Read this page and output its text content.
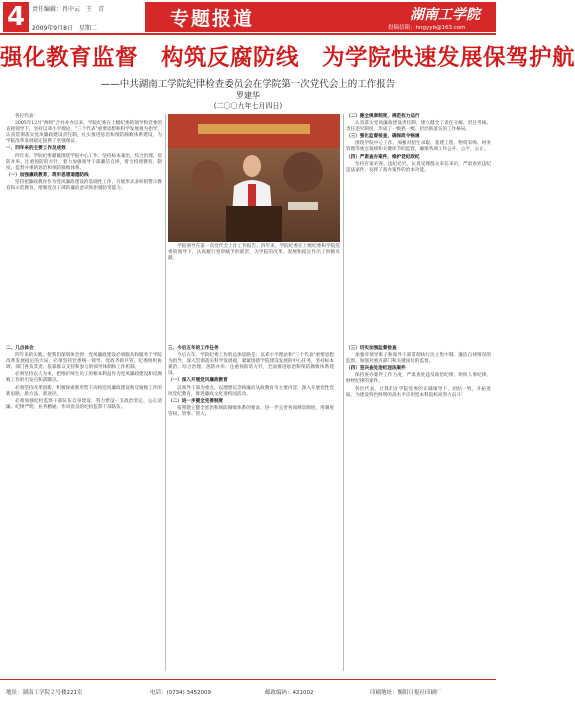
4	责任编辑：肖中云　王　青
2009年9月8日　星期二	专题报道	湖南工学院
投稿信箱：hngyyb@163.com
强化教育监督　构筑反腐防线　为学院快速发展保驾护航
——中共湖南工学院纪律检查委员会在学院第一次党代会上的工作报告
罗建华
(二〇〇九年七月四日)

各位代表：

2005年12月"两校"合并并办以来，学院纪委在上级纪委的领导和党委的直接领导下，坚持以邓小平理论、"三个代表"重要思想和科学发展观为指导，认真贯彻落实党风廉政建设责任制，扎实推进惩治和预防腐败体系建设，为学院改革发展稳定提供了坚强保证。

一、四年来的主要工作及成效

四年来，学院纪委紧紧围绕学院中心工作，坚持标本兼治、综合治理、惩防并举、注重预防的方针，着力加强领导干部廉洁自律，着力构建教育、制度、监督并重的惩治和预防腐败体系。

（一）加强廉政教育，筑牢思想道德防线

坚持把廉政教育作为党风廉政建设的基础性工作，开展形式多样的警示教育和示范教育，增强党员干部的廉洁意识和拒腐防变能力。

学院领导在第一次党代会上作工作报告。四年来，学院纪委在上级纪委和学院党委的领导下，认真履行党章赋予的职责，为学院的改革、发展和稳定作出了积极贡献。

（二）健全规章制度，规范权力运行

认真落实党风廉政建设责任制，建立健全了责任分解、责任考核、责任追究制度，形成了一级抓一级、层层抓落实的工作格局。

（三）强化监督检查，确保政令畅通

围绕学院中心工作，加强对招生录取、基建工程、物资采购、财务管理等重点领域和关键环节的监督，确保各项工作公开、公平、公正。

（四）严肃查办案件，维护党纪政纪

坚持有案必查、违纪必究，认真受理群众来信来访，严肃查处违纪违法案件，发挥了查办案件的治本功能。

二、几点体会

四年来的实践，使我们深刻体会到：党风廉政建设必须服从和服务于学院改革发展稳定的大局，必须坚持党委统一领导、党政齐抓共管、纪委组织协调、部门各负其责、依靠群众支持和参与的领导体制和工作机制。

必须坚持以人为本，把维护师生员工的根本利益作为党风廉政建设和反腐败工作的出发点和落脚点。

必须坚持改革创新，积极探索新形势下高校党风廉政建设和反腐败工作的新思路、新方法、新途径。

必须加强纪检监察干部队伍自身建设，努力建设一支政治坚定、公正清廉、纪律严明、业务精通、作风优良的纪检监察干部队伍。

三、今后五年的工作任务

今后五年，学院纪委工作的总体思路是：以邓小平理论和"三个代表"重要思想为指导，深入贯彻落实科学发展观，紧紧围绕学院建设发展的中心任务，坚持标本兼治、综合治理、惩防并举、注重预防的方针，全面推进惩治和预防腐败体系建设。

（一）深入开展党风廉政教育

以领导干部为重点，以理想信念和廉洁从政教育为主要内容，深入开展党性党风党纪教育，推进廉政文化进校园活动。

（二）进一步健全完善制度

按照建立健全惩治和预防腐败体系的要求，进一步完善各项规章制度，用制度管权、管事、管人。

（三）切实加强监督检查

加强对领导班子和领导干部贯彻执行民主集中制、廉洁自律情况的监督，加强对重点部门和关键岗位的监督。

（四）坚决查处违纪违法案件

保持查办案件工作力度，严肃查处违反政治纪律、组织人事纪律、财经纪律的案件。

各位代表，让我们在学院党委的正确领导下，团结一致，开拓进取，为建设特色鲜明的高水平应用型本科院校而努力奋斗！

地址：湖南工学院２号楼221室	电话：(0734) 3452009	邮政编码：421002	印刷地址：衡阳日报社印刷厂
